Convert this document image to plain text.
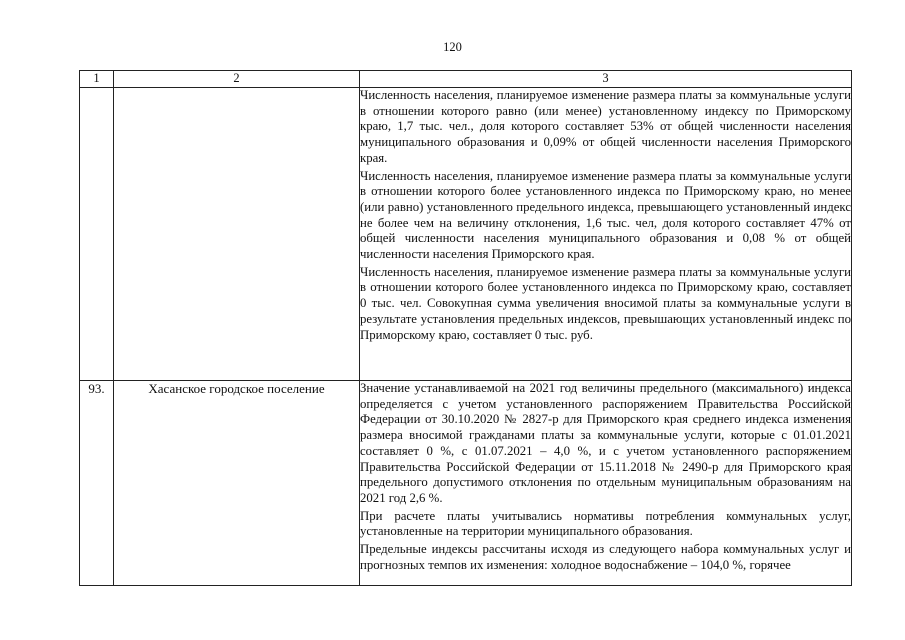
120
1	2	3

		Численность населения, планируемое изменение размера платы за коммунальные услуги в отношении которого равно (или менее) установленному индексу по Приморскому краю, 1,7 тыс. чел., доля которого составляет 53% от общей численности населения муниципального образования и 0,09% от общей численности населения Приморского края.

Численность населения, планируемое изменение размера платы за коммунальные услуги в отношении которого более установленного индекса по Приморскому краю, но менее (или равно) установленного предельного индекса, превышающего установленный индекс не более чем на величину отклонения, 1,6 тыс. чел, доля которого составляет 47% от общей численности населения муниципального образования и 0,08 % от общей численности населения Приморского края.

Численность населения, планируемое изменение размера платы за коммунальные услуги в отношении которого более установленного индекса по Приморскому краю, составляет 0 тыс. чел. Совокупная сумма увеличения вносимой платы за коммунальные услуги в результате установления предельных индексов, превышающих установленный индекс по Приморскому краю, составляет 0 тыс. руб.

93.	Хасанское городское поселение	Значение устанавливаемой на 2021 год величины предельного (максимального) индекса определяется с учетом установленного распоряжением Правительства Российской Федерации от 30.10.2020 № 2827-р для Приморского края среднего индекса изменения размера вносимой гражданами платы за коммунальные услуги, которые с 01.01.2021 составляет 0 %, с 01.07.2021 – 4,0 %, и с учетом установленного распоряжением Правительства Российской Федерации от 15.11.2018 № 2490-р для Приморского края предельного допустимого отклонения по отдельным муниципальным образованиям на 2021 год 2,6 %.

При расчете платы учитывались нормативы потребления коммунальных услуг, установленные на территории муниципального образования.

Предельные индексы рассчитаны исходя из следующего набора коммунальных услуг и прогнозных темпов их изменения: холодное водоснабжение – 104,0 %, горячее
